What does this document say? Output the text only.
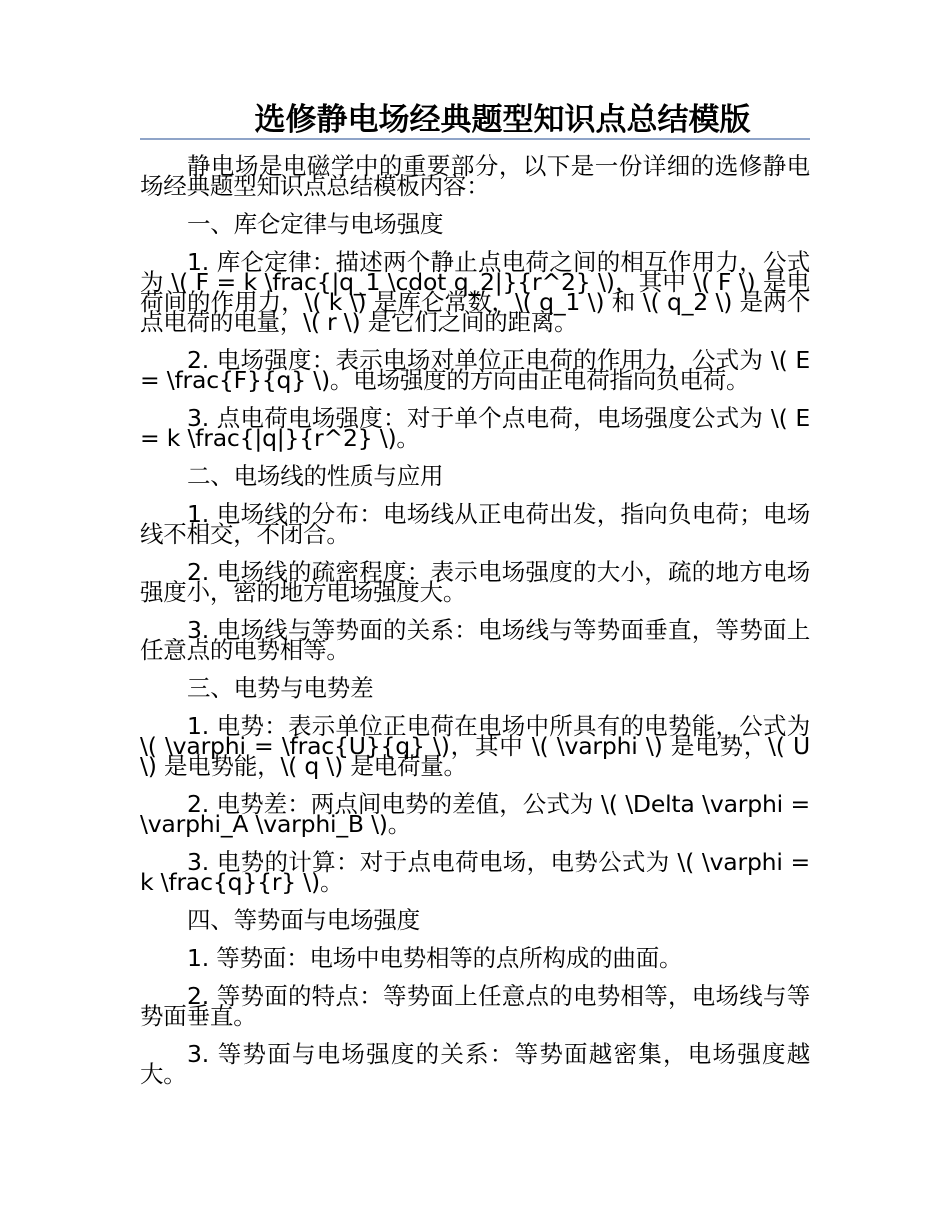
选修静电场经典题型知识点总结模版

静电场是电磁学中的重要部分，以下是一份详细的选修静电场经典题型知识点总结模板内容：

一、库仑定律与电场强度

1. 库仑定律：描述两个静止点电荷之间的相互作用力，公式为 \( F = k \frac{|q_1 \cdot q_2|}{r^2} \)，其中 \( F \) 是电荷间的作用力，\( k \) 是库仑常数，\( q_1 \) 和 \( q_2 \) 是两个点电荷的电量，\( r \) 是它们之间的距离。

2. 电场强度：表示电场对单位正电荷的作用力，公式为 \( E = \frac{F}{q} \)。电场强度的方向由正电荷指向负电荷。

3. 点电荷电场强度：对于单个点电荷，电场强度公式为 \( E = k \frac{|q|}{r^2} \)。

二、电场线的性质与应用

1. 电场线的分布：电场线从正电荷出发，指向负电荷；电场线不相交，不闭合。

2. 电场线的疏密程度：表示电场强度的大小，疏的地方电场强度小，密的地方电场强度大。

3. 电场线与等势面的关系：电场线与等势面垂直，等势面上任意点的电势相等。

三、电势与电势差

1. 电势：表示单位正电荷在电场中所具有的电势能，公式为 \( \varphi = \frac{U}{q} \)，其中 \( \varphi \) 是电势，\( U \) 是电势能，\( q \) 是电荷量。

2. 电势差：两点间电势的差值，公式为 \( \Delta \varphi = \varphi_A \varphi_B \)。

3. 电势的计算：对于点电荷电场，电势公式为 \( \varphi = k \frac{q}{r} \)。

四、等势面与电场强度

1. 等势面：电场中电势相等的点所构成的曲面。

2. 等势面的特点：等势面上任意点的电势相等，电场线与等势面垂直。

3. 等势面与电场强度的关系：等势面越密集，电场强度越大。
